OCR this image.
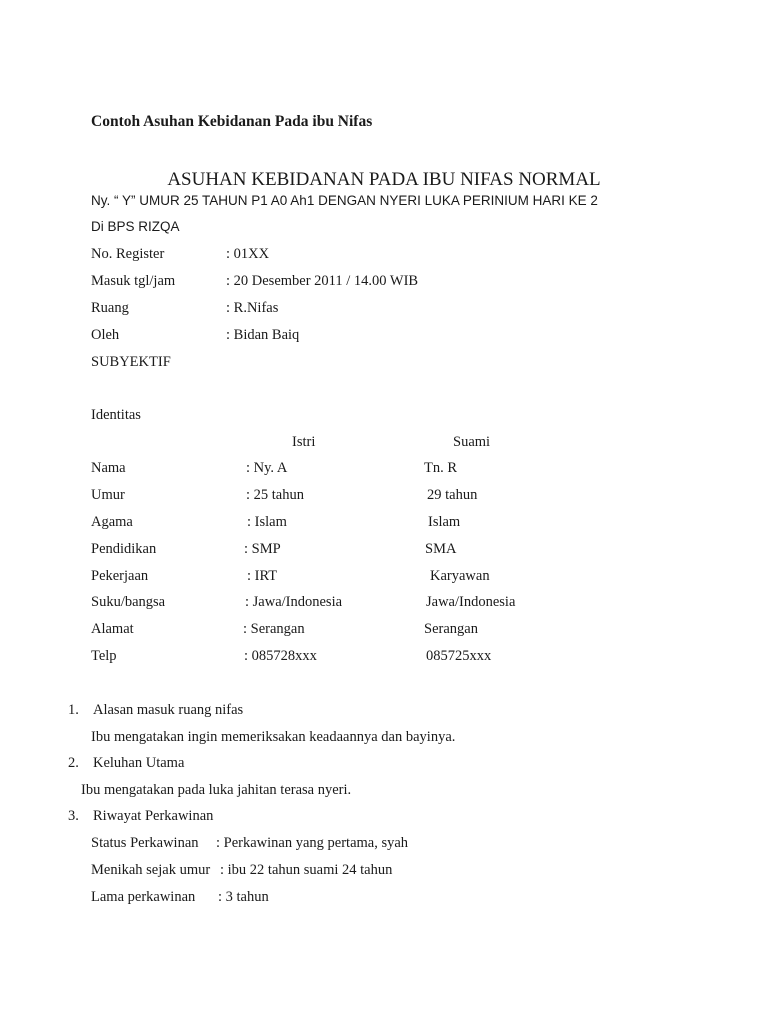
Contoh Asuhan Kebidanan Pada ibu Nifas
ASUHAN KEBIDANAN PADA IBU NIFAS NORMAL
Ny. “ Y” UMUR 25 TAHUN P1 A0 Ah1 DENGAN NYERI LUKA PERINIUM HARI KE 2
Di BPS RIZQA
No. Register	: 01XX
Masuk tgl/jam	: 20 Desember 2011 / 14.00 WIB
Ruang	: R.Nifas
Oleh	: Bidan Baiq
SUBYEKTIF
Identitas
Istri	Suami
Nama	: Ny. A	Tn. R
Umur	: 25 tahun	29 tahun
Agama	: Islam	Islam
Pendidikan	: SMP	SMA
Pekerjaan	: IRT	Karyawan
Suku/bangsa	: Jawa/Indonesia	Jawa/Indonesia
Alamat	: Serangan	Serangan
Telp	: 085728xxx	085725xxx
1. Alasan masuk ruang nifas
Ibu mengatakan ingin memeriksakan keadaannya dan bayinya.
2. Keluhan Utama
Ibu mengatakan pada luka jahitan terasa nyeri.
3. Riwayat Perkawinan
Status Perkawinan : Perkawinan yang pertama, syah
Menikah sejak umur : ibu 22 tahun suami 24 tahun
Lama perkawinan : 3 tahun
